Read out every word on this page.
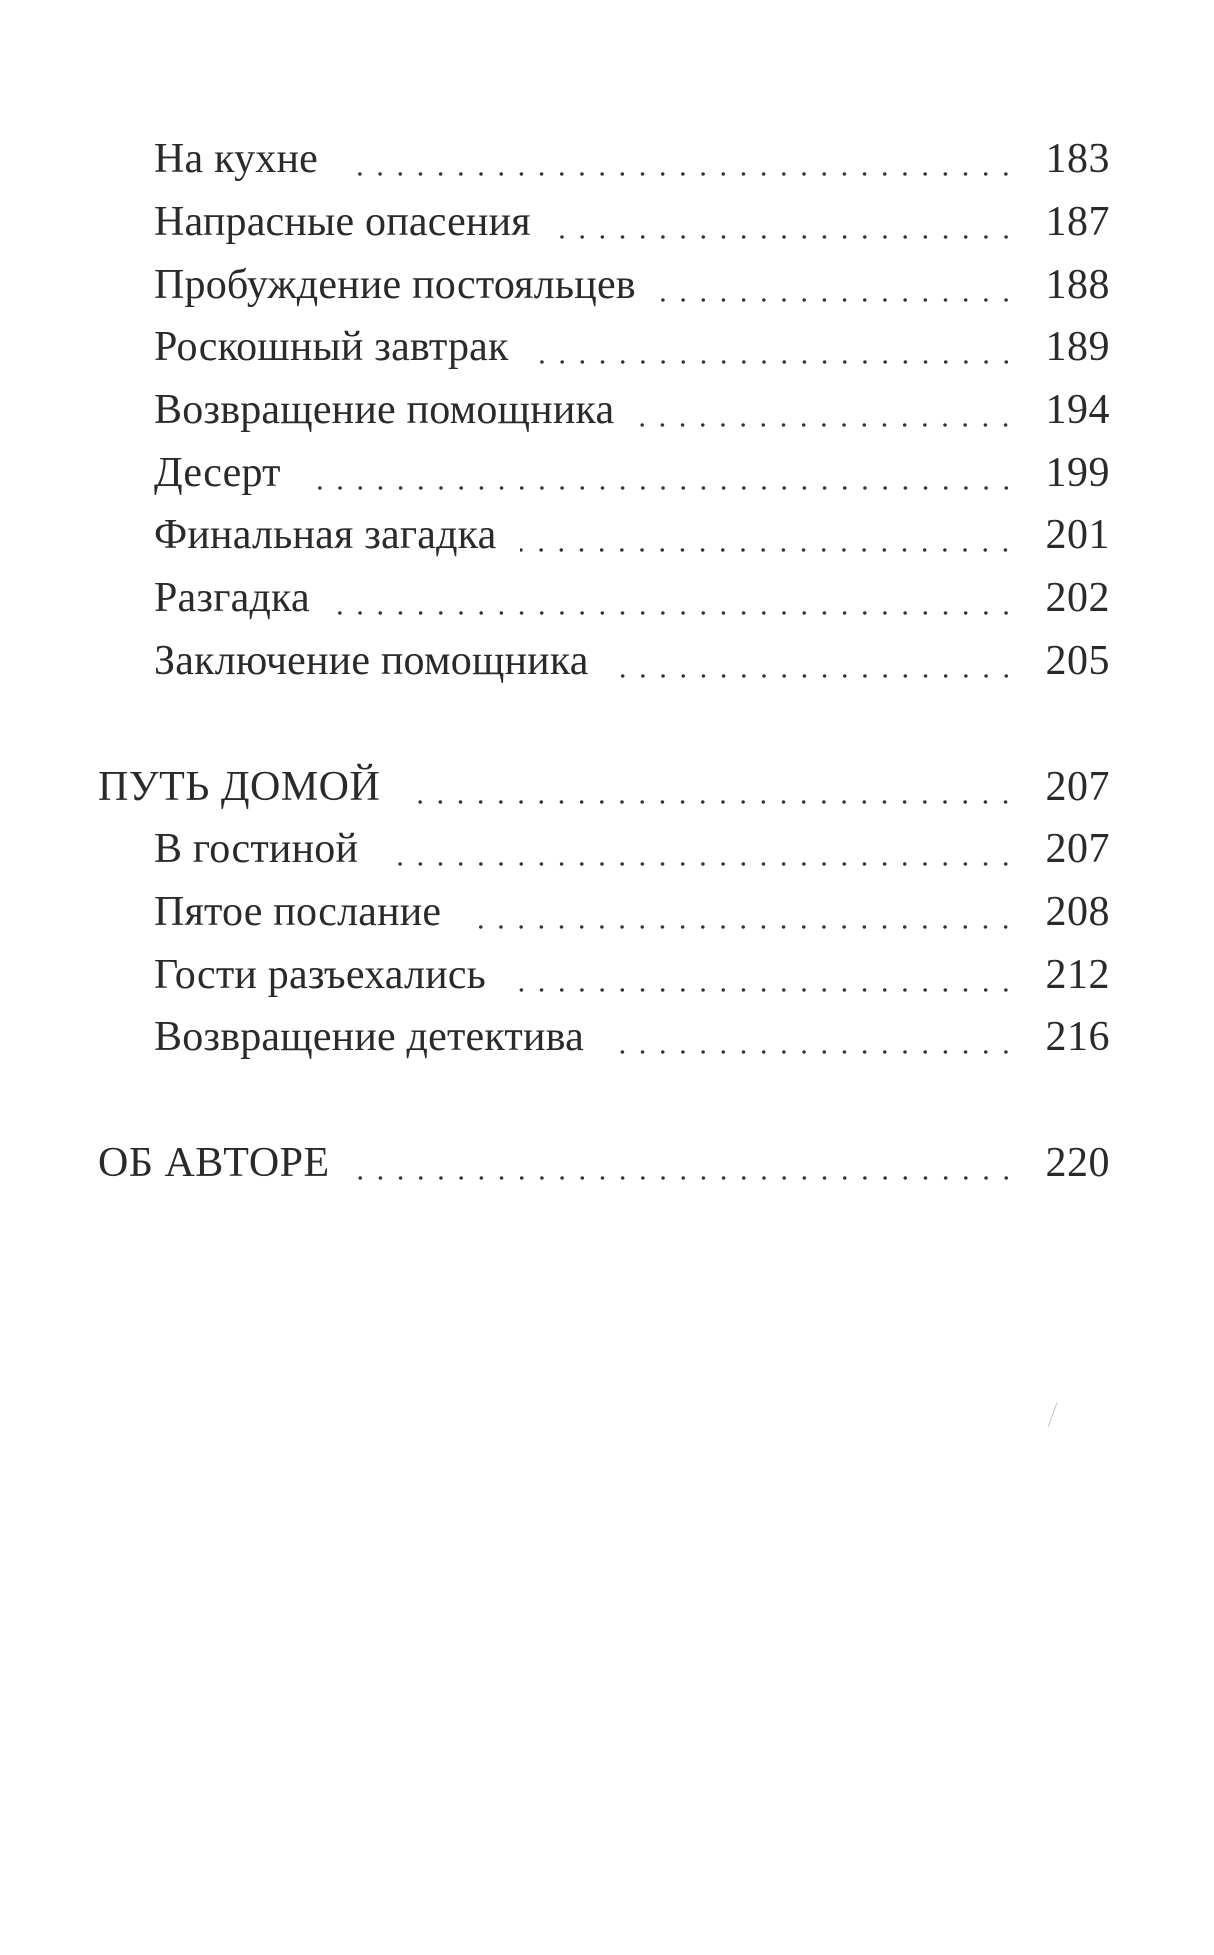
На кухне	183
Напрасные опасения	187
Пробуждение постояльцев	188
Роскошный завтрак	189
Возвращение помощника	194
Десерт	199
Финальная загадка	201
Разгадка	202
Заключение помощника	205
ПУТЬ ДОМОЙ	207
В гостиной	207
Пятое послание	208
Гости разъехались	212
Возвращение детектива	216
ОБ АВТОРЕ	220
